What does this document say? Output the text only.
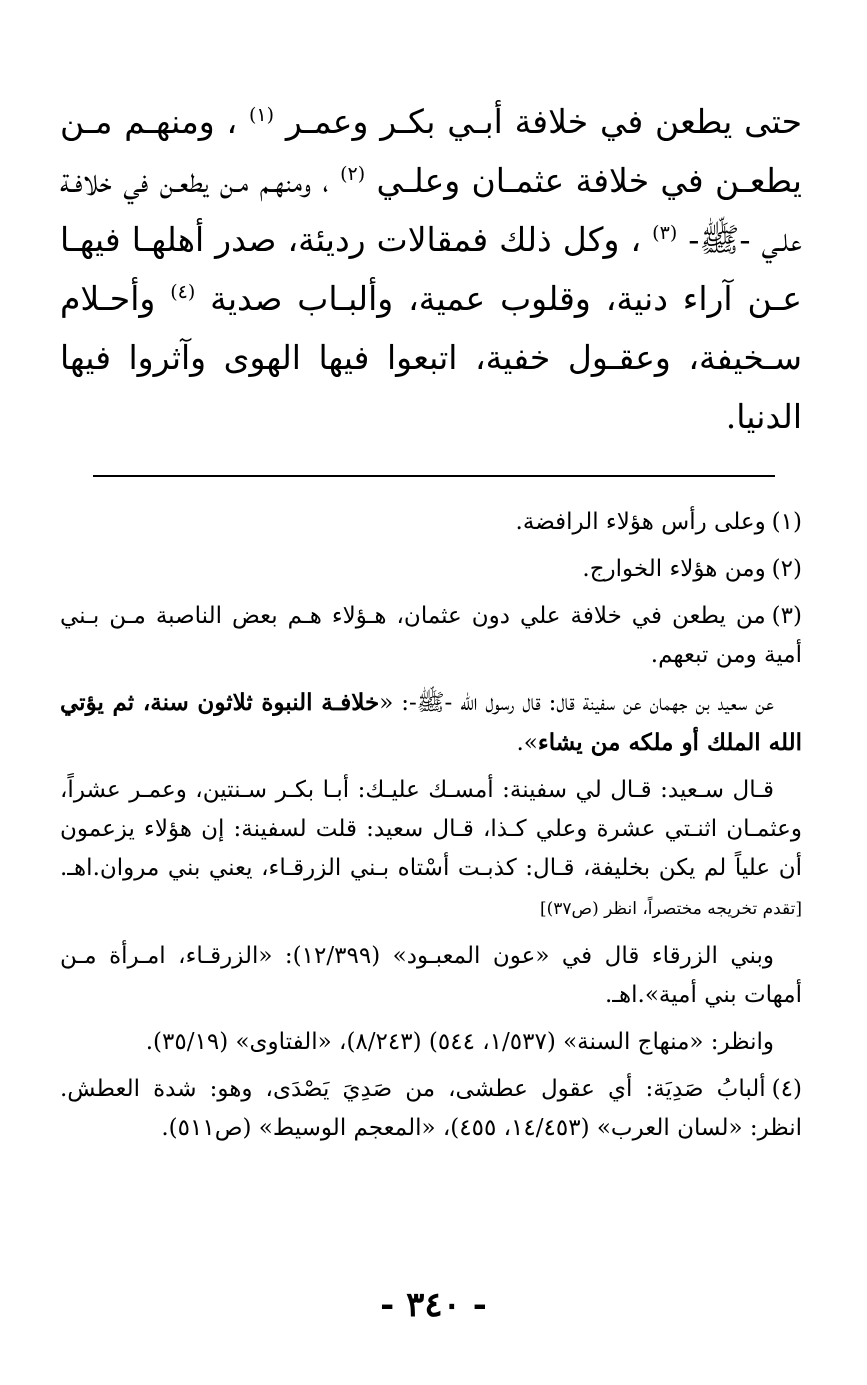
حتى يطعن في خلافة أبـي بكـر وعمـر $^{(١)}$ ، ومنهـم مـن يطعـن في خلافة عثمـان وعلـي $^{(٢)}$ ، ومنهـم مـن يطعـن في خلافـة علـي -ﷺ- $^{(٣)}$ ، وكل ذلك فمقالات رديئة، صدر أهلهـا فيهـا عـن آراء دنية، وقلوب عمية، وألبـاب صدية $^{(٤)}$ وأحـلام سـخيفة، وعقـول خفية، اتبعوا فيها الهوى وآثروا فيها الدنيا.

(١)وعلى رأس هؤلاء الرافضة.

(٢)ومن هؤلاء الخوارج.

(٣)من يطعن في خلافة علي دون عثمان، هـؤلاء هـم بعض الناصبة مـن بـني أمية ومن تبعهم.

عن سعيد بن جهمان عن سفينة قال: قال رسول الله -ﷺ-: «خلافـة النبوة ثلاثون سنة، ثم يؤتي الله الملك أو ملكه من يشاء».

قـال سـعيد: قـال لي سفينة: أمسـك عليـك: أبـا بكـر سـنتين، وعمـر عشراً، وعثمـان اثنـتي عشرة وعلي كـذا، قـال سعيد: قلت لسفينة: إن هؤلاء يزعمون أن علياً لم يكن بخليفة، قـال: كذبـت أسْتاه بـني الزرقـاء، يعني بني مروان.اهـ. [تقدم تخريجه مختصراً، انظر (ص٣٧)]

وبني الزرقاء قال في «عون المعبـود» (١٢/٣٩٩): «الزرقـاء، امـرأة مـن أمهات بني أمية».اهـ.

وانظر: «منهاج السنة» (١/٥٣٧، ٥٤٤) (٨/٢٤٣)، «الفتاوى» (٣٥/١٩).

(٤)ألبابُ صَدِيَة: أي عقول عطشى، من صَدِيَ يَصْدَى، وهو: شدة العطش. انظر: «لسان العرب» (١٤/٤٥٣، ٤٥٥)، «المعجم الوسيط» (ص٥١١).

- ٣٤٠ -
